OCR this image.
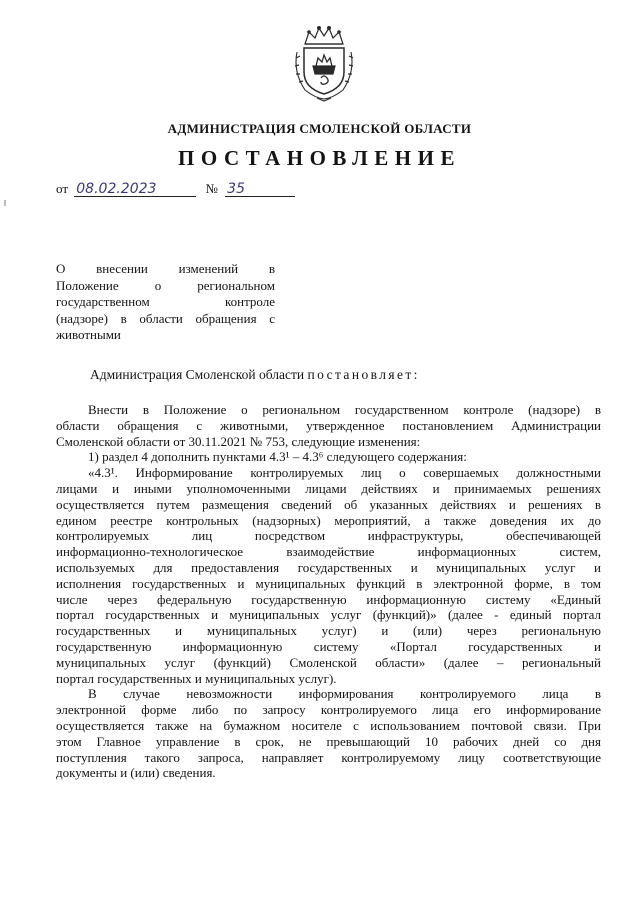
АДМИНИСТРАЦИЯ СМОЛЕНСКОЙ ОБЛАСТИ
ПОСТАНОВЛЕНИЕ
от 08.02.2023	№ 35
О внесении изменений в
Положение о региональном
государственном контроле
(надзоре) в области обращения с
животными
Администрация Смоленской области постановляет:
Внести в Положение о региональном государственном контроле (надзоре) в
области обращения с животными, утвержденное постановлением Администрации
Смоленской области от 30.11.2021 № 753, следующие изменения:
1) раздел 4 дополнить пунктами 4.3¹ – 4.3⁶ следующего содержания:
«4.3¹. Информирование контролируемых лиц о совершаемых должностными
лицами и иными уполномоченными лицами действиях и принимаемых решениях
осуществляется путем размещения сведений об указанных действиях и решениях в
едином реестре контрольных (надзорных) мероприятий, а также доведения их до
контролируемых лиц посредством инфраструктуры, обеспечивающей
информационно-технологическое взаимодействие информационных систем,
используемых для предоставления государственных и муниципальных услуг и
исполнения государственных и муниципальных функций в электронной форме, в том
числе через федеральную государственную информационную систему «Единый
портал государственных и муниципальных услуг (функций)» (далее - единый портал
государственных и муниципальных услуг) и (или) через региональную
государственную информационную систему «Портал государственных и
муниципальных услуг (функций) Смоленской области» (далее – региональный
портал государственных и муниципальных услуг).
В случае невозможности информирования контролируемого лица в
электронной форме либо по запросу контролируемого лица его информирование
осуществляется также на бумажном носителе с использованием почтовой связи. При
этом Главное управление в срок, не превышающий 10 рабочих дней со дня
поступления такого запроса, направляет контролируемому лицу соответствующие
документы и (или) сведения.
